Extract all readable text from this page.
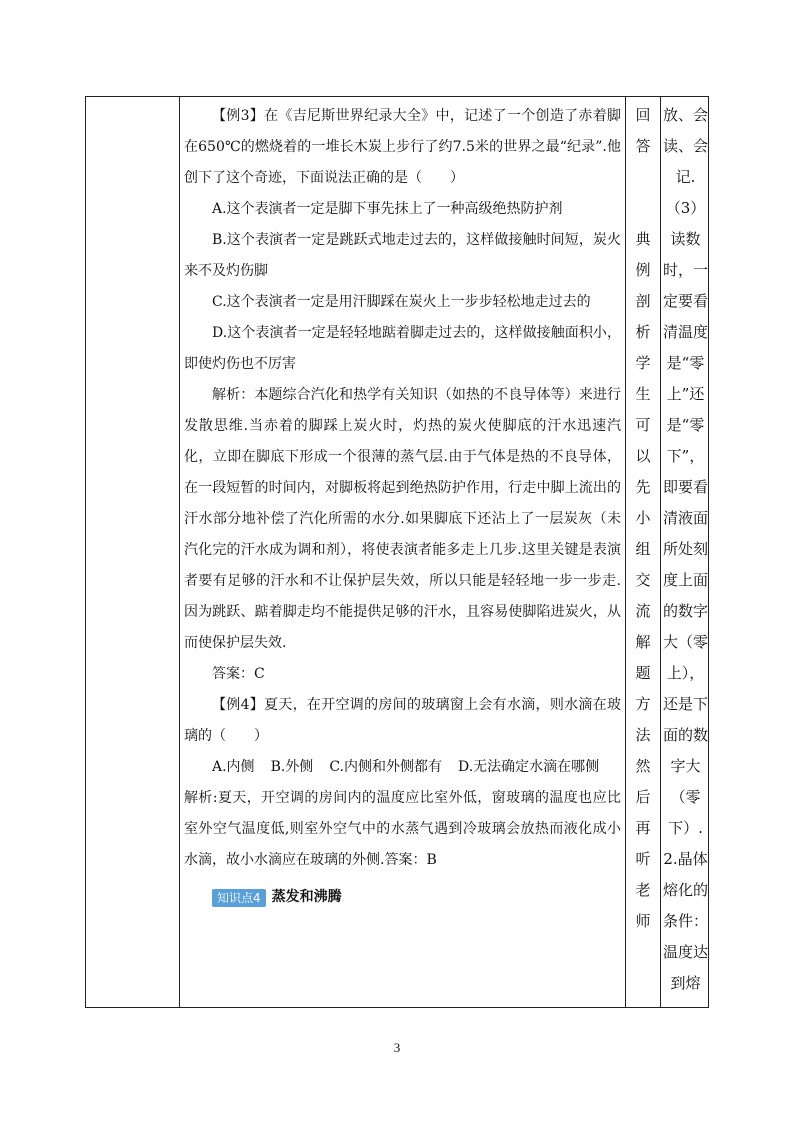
【例3】在《吉尼斯世界纪录大全》中，记述了一个创造了赤着脚在650℃的燃烧着的一堆长木炭上步行了约7.5米的世界之最“纪录”.他创下了这个奇迹，下面说法正确的是（　　）

A.这个表演者一定是脚下事先抹上了一种高级绝热防护剂

B.这个表演者一定是跳跃式地走过去的，这样做接触时间短，炭火来不及灼伤脚

C.这个表演者一定是用汗脚踩在炭火上一步步轻松地走过去的

D.这个表演者一定是轻轻地踮着脚走过去的，这样做接触面积小，即使灼伤也不厉害

解析：本题综合汽化和热学有关知识（如热的不良导体等）来进行发散思维.当赤着的脚踩上炭火时，灼热的炭火使脚底的汗水迅速汽化，立即在脚底下形成一个很薄的蒸气层.由于气体是热的不良导体，在一段短暂的时间内，对脚板将起到绝热防护作用，行走中脚上流出的汗水部分地补偿了汽化所需的水分.如果脚底下还沾上了一层炭灰（未汽化完的汗水成为调和剂），将使表演者能多走上几步.这里关键是表演者要有足够的汗水和不让保护层失效，所以只能是轻轻地一步一步走.因为跳跃、踮着脚走均不能提供足够的汗水，且容易使脚陷进炭火，从而使保护层失效.

答案：C

【例4】夏天，在开空调的房间的玻璃窗上会有水滴，则水滴在玻璃的（　　）

A.内侧 B.外侧 C.内侧和外侧都有 D.无法确定水滴在哪侧

解析:夏天，开空调的房间内的温度应比室外低，窗玻璃的温度也应比室外空气温度低,则室外空气中的水蒸气遇到冷玻璃会放热而液化成小水滴，故小水滴应在玻璃的外侧.答案：B

知识点4 蒸发和沸腾

回
答
典
例
剖
析
学
生
可
以
先
小
组
交
流
解
题
方
法
然
后
再
听
老
师
放、会
读、会
记.
（3）
读数
时，一
定要看
清温度
是“零
上”还
是“零
下”，
即要看
清液面
所处刻
度上面
的数字
大（零
上），
还是下
面的数
字大
（零
下）.
2.晶体
熔化的
条件：
温度达
到熔
3
